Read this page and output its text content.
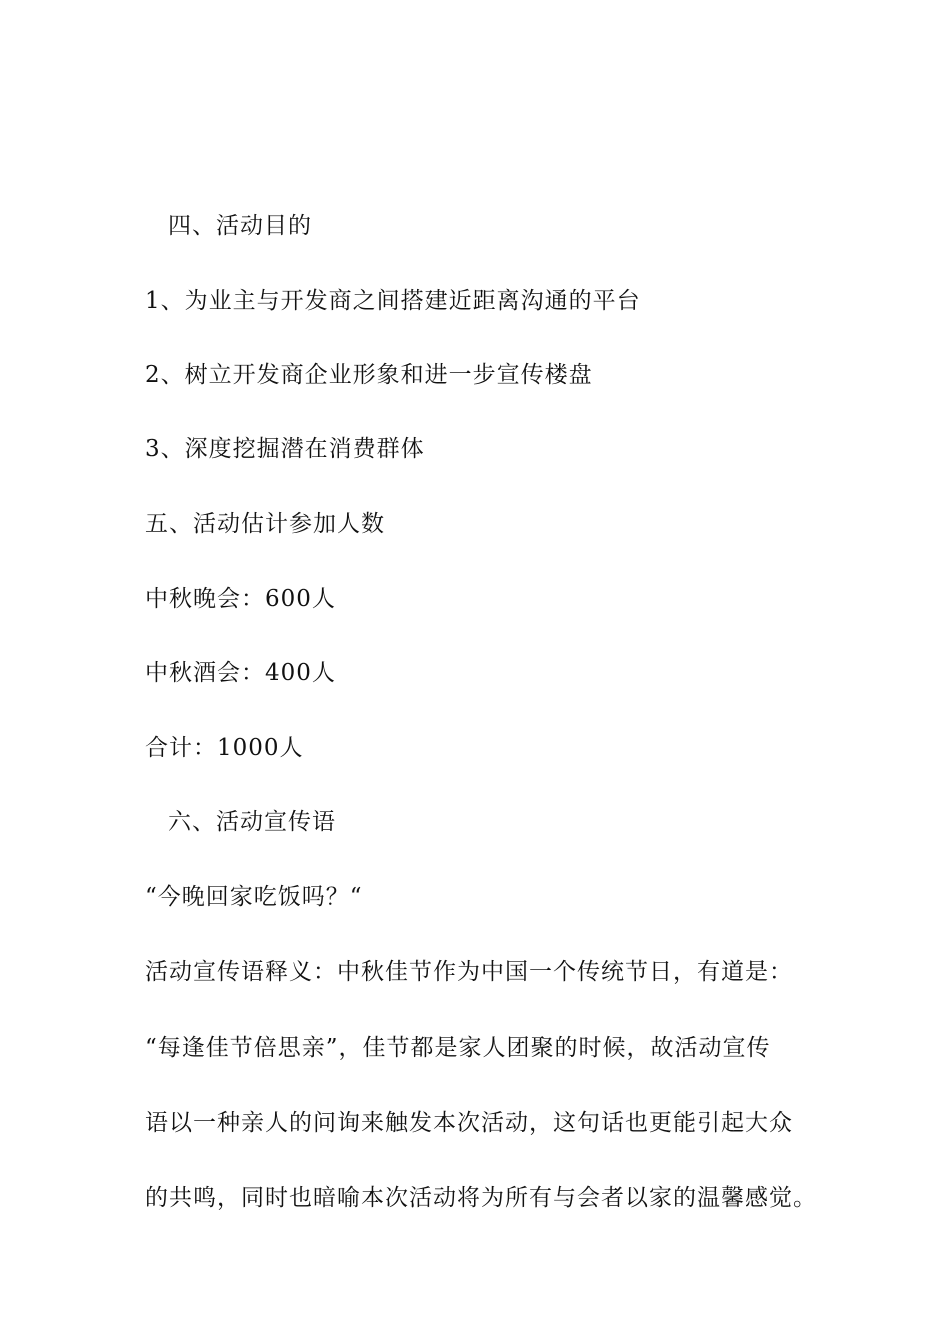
四、活动目的
1、为业主与开发商之间搭建近距离沟通的平台
2、树立开发商企业形象和进一步宣传楼盘
3、深度挖掘潜在消费群体
五、活动估计参加人数
中秋晚会：600人
中秋酒会：400人
合计：1000人
六、活动宣传语
“今晚回家吃饭吗？“
活动宣传语释义：中秋佳节作为中国一个传统节日，有道是：
“每逢佳节倍思亲”，佳节都是家人团聚的时候，故活动宣传
语以一种亲人的问询来触发本次活动，这句话也更能引起大众
的共鸣，同时也暗喻本次活动将为所有与会者以家的温馨感觉。
